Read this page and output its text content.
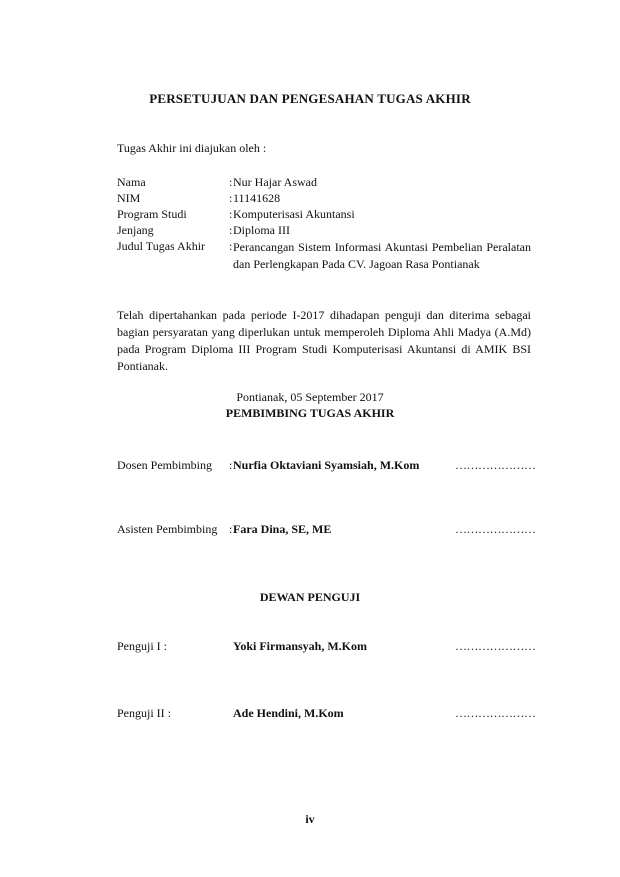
PERSETUJUAN DAN PENGESAHAN TUGAS AKHIR
Tugas Akhir ini diajukan oleh :
Nama	: Nur Hajar Aswad
NIM	: 11141628
Program Studi	: Komputerisasi Akuntansi
Jenjang	: Diploma III
Judul Tugas Akhir : Perancangan Sistem Informasi Akuntasi Pembelian Peralatan dan Perlengkapan Pada CV. Jagoan Rasa Pontianak
Telah dipertahankan pada periode I-2017 dihadapan penguji dan diterima sebagai bagian persyaratan yang diperlukan untuk memperoleh Diploma Ahli Madya (A.Md) pada Program Diploma III Program Studi Komputerisasi Akuntansi di AMIK BSI Pontianak.
Pontianak, 05 September 2017
PEMBIMBING TUGAS AKHIR
Dosen Pembimbing : Nurfia Oktaviani Syamsiah, M.Kom	…………………
Asisten Pembimbing : Fara Dina, SE, ME	…………………
DEWAN PENGUJI
Penguji I :	Yoki Firmansyah, M.Kom	…………………
Penguji II :	Ade Hendini, M.Kom	…………………
iv
